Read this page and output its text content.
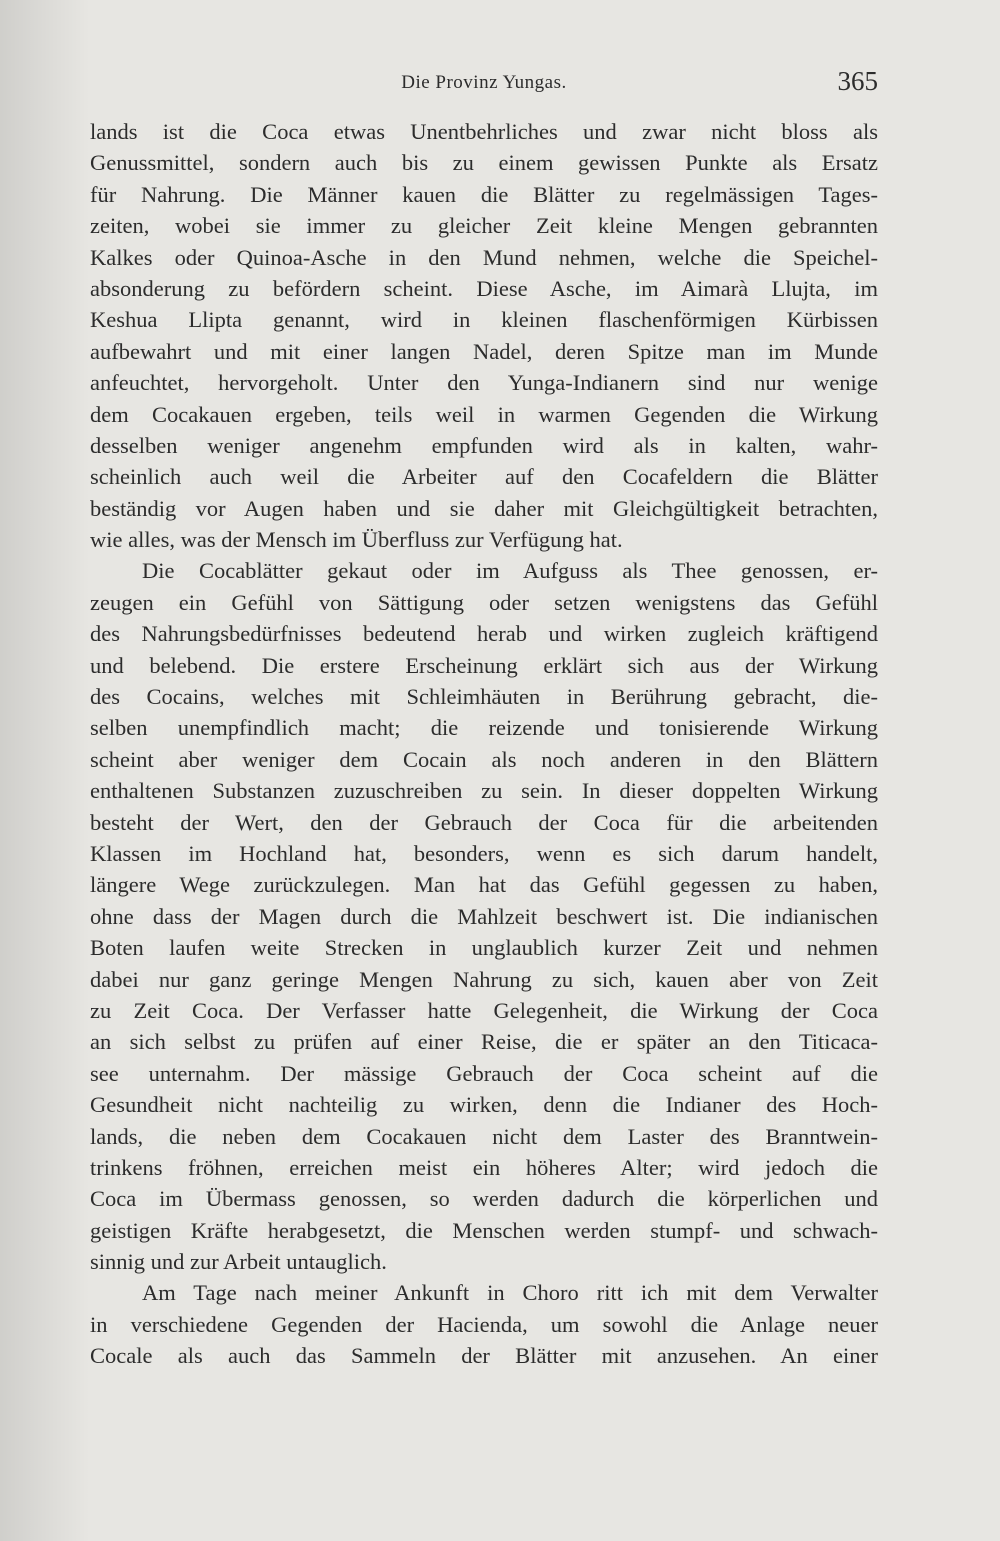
Die Provinz Yungas.	365
lands ist die Coca etwas Unentbehrliches und zwar nicht bloss als
Genussmittel, sondern auch bis zu einem gewissen Punkte als Ersatz
für Nahrung. Die Männer kauen die Blätter zu regelmässigen Tages-
zeiten, wobei sie immer zu gleicher Zeit kleine Mengen gebrannten
Kalkes oder Quinoa-Asche in den Mund nehmen, welche die Speichel-
absonderung zu befördern scheint. Diese Asche, im Aimarà Llujta, im
Keshua Llipta genannt, wird in kleinen flaschenförmigen Kürbissen
aufbewahrt und mit einer langen Nadel, deren Spitze man im Munde
anfeuchtet, hervorgeholt. Unter den Yunga-Indianern sind nur wenige
dem Cocakauen ergeben, teils weil in warmen Gegenden die Wirkung
desselben weniger angenehm empfunden wird als in kalten, wahr-
scheinlich auch weil die Arbeiter auf den Cocafeldern die Blätter
beständig vor Augen haben und sie daher mit Gleichgültigkeit betrachten,
wie alles, was der Mensch im Überfluss zur Verfügung hat.
Die Cocablätter gekaut oder im Aufguss als Thee genossen, er-
zeugen ein Gefühl von Sättigung oder setzen wenigstens das Gefühl
des Nahrungsbedürfnisses bedeutend herab und wirken zugleich kräftigend
und belebend. Die erstere Erscheinung erklärt sich aus der Wirkung
des Cocains, welches mit Schleimhäuten in Berührung gebracht, die-
selben unempfindlich macht; die reizende und tonisierende Wirkung
scheint aber weniger dem Cocain als noch anderen in den Blättern
enthaltenen Substanzen zuzuschreiben zu sein. In dieser doppelten Wirkung
besteht der Wert, den der Gebrauch der Coca für die arbeitenden
Klassen im Hochland hat, besonders, wenn es sich darum handelt,
längere Wege zurückzulegen. Man hat das Gefühl gegessen zu haben,
ohne dass der Magen durch die Mahlzeit beschwert ist. Die indianischen
Boten laufen weite Strecken in unglaublich kurzer Zeit und nehmen
dabei nur ganz geringe Mengen Nahrung zu sich, kauen aber von Zeit
zu Zeit Coca. Der Verfasser hatte Gelegenheit, die Wirkung der Coca
an sich selbst zu prüfen auf einer Reise, die er später an den Titicaca-
see unternahm. Der mässige Gebrauch der Coca scheint auf die
Gesundheit nicht nachteilig zu wirken, denn die Indianer des Hoch-
lands, die neben dem Cocakauen nicht dem Laster des Branntwein-
trinkens fröhnen, erreichen meist ein höheres Alter; wird jedoch die
Coca im Übermass genossen, so werden dadurch die körperlichen und
geistigen Kräfte herabgesetzt, die Menschen werden stumpf- und schwach-
sinnig und zur Arbeit untauglich.
Am Tage nach meiner Ankunft in Choro ritt ich mit dem Verwalter
in verschiedene Gegenden der Hacienda, um sowohl die Anlage neuer
Cocale als auch das Sammeln der Blätter mit anzusehen. An einer
